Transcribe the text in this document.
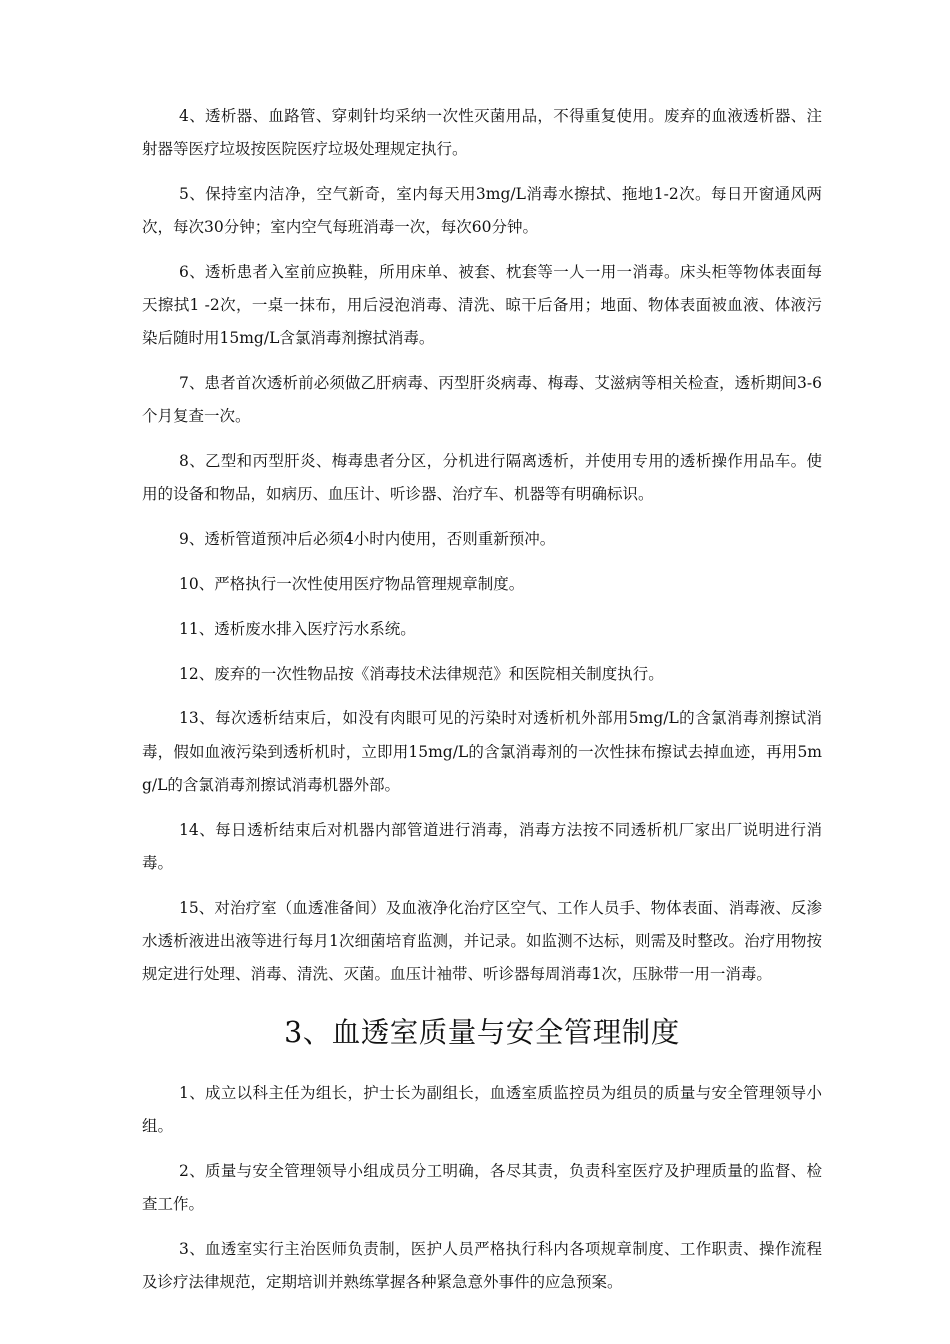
4、透析器、血路管、穿刺针均采纳一次性灭菌用品，不得重复使用。废弃的血液透析器、注射器等医疗垃圾按医院医疗垃圾处理规定执行。

5、保持室内洁净，空气新奇，室内每天用3mg/L消毒水擦拭、拖地1-2次。每日开窗通风两次，每次30分钟；室内空气每班消毒一次，每次60分钟。

6、透析患者入室前应换鞋，所用床单、被套、枕套等一人一用一消毒。床头柜等物体表面每天擦拭1 -2次，一桌一抹布，用后浸泡消毒、清洗、晾干后备用；地面、物体表面被血液、体液污染后随时用15mg/L含氯消毒剂擦拭消毒。

7、患者首次透析前必须做乙肝病毒、丙型肝炎病毒、梅毒、艾滋病等相关检查，透析期间3-6个月复查一次。

8、乙型和丙型肝炎、梅毒患者分区，分机进行隔离透析，并使用专用的透析操作用品车。使用的设备和物品，如病历、血压计、听诊器、治疗车、机器等有明确标识。

9、透析管道预冲后必须4小时内使用，否则重新预冲。

10、严格执行一次性使用医疗物品管理规章制度。

11、透析废水排入医疗污水系统。

12、废弃的一次性物品按《消毒技术法律规范》和医院相关制度执行。

13、每次透析结束后，如没有肉眼可见的污染时对透析机外部用5mg/L的含氯消毒剂擦试消毒，假如血液污染到透析机时，立即用15mg/L的含氯消毒剂的一次性抹布擦试去掉血迹，再用5mg/L的含氯消毒剂擦试消毒机器外部。

14、每日透析结束后对机器内部管道进行消毒，消毒方法按不同透析机厂家出厂说明进行消毒。

15、对治疗室（血透准备间）及血液净化治疗区空气、工作人员手、物体表面、消毒液、反渗水透析液进出液等进行每月1次细菌培育监测，并记录。如监测不达标，则需及时整改。治疗用物按规定进行处理、消毒、清洗、灭菌。血压计袖带、听诊器每周消毒1次，压脉带一用一消毒。

3、血透室质量与安全管理制度

1、成立以科主任为组长，护士长为副组长，血透室质监控员为组员的质量与安全管理领导小组。

2、质量与安全管理领导小组成员分工明确，各尽其责，负责科室医疗及护理质量的监督、检查工作。

3、血透室实行主治医师负责制，医护人员严格执行科内各项规章制度、工作职责、操作流程及诊疗法律规范，定期培训并熟练掌握各种紧急意外事件的应急预案。
